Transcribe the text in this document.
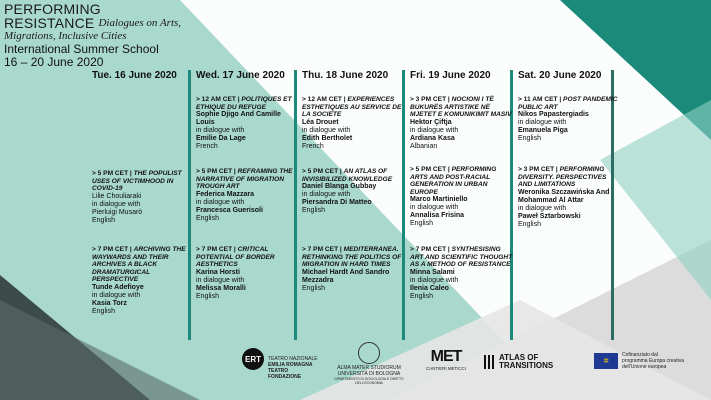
PERFORMING
RESISTANCE Dialogues on Arts,
Migrations, Inclusive Cities
International Summer School
16 – 20 June 2020
Tue. 16 June 2020
> 5 PM CET | THE POPULIST USES OF VICTIMHOOD IN COVID-19
Lilie Chouliaraki
in dialogue with
Pierluigi Musarò
English
> 7 PM CET | ARCHIVING THE WAYWARDS AND THEIR ARCHIVES A BLACK DRAMATURGICAL PERSPECTIVE
Tunde Adefioye
in dialogue with
Kasia Torz
English
Wed. 17 June 2020
> 12 AM CET | POLITIQUES ET ETHIQUE DU REFUGE
Sophie Djigo And Camille Louis
in dialogue with
Emilie Da Lage
French
> 5 PM CET | REFRAMING THE NARRATIVE OF MIGRATION TROUGH ART
Federica Mazzara
in dialogue with
Francesca Guerisoli
English
> 7 PM CET | CRITICAL POTENTIAL OF BORDER AESTHETICS
Karina Horsti
in dialogue with
Melissa Moralli
English
Thu. 18 June 2020
> 12 AM CET | EXPERIENCES ESTHETIQUES AU SERVICE DE LA SOCIETE
Léa Drouet
in dialogue with
Edith Bertholet
French
> 5 PM CET | AN ATLAS OF INVISIBILIZED KNOWLEDGE
Daniel Blanga Gubbay
in dialogue with
Piersandra Di Matteo
English
> 7 PM CET | MEDITERRANEA. RETHINKING THE POLITICS OF MIGRATION IN HARD TIMES
Michael Hardt And Sandro Mezzadra
English
Fri. 19 June 2020
> 3 PM CET | NOCIONI I TË BUKURËS ARTISTIKE NË MJETET E KOMUNIKIMIT MASIV
Hektor Çiftja
in dialogue with
Ardiana Kasa
Albanian
> 5 PM CET | PERFORMING ARTS AND POST-RACIAL GENERATION IN URBAN EUROPE
Marco Martiniello
in dialogue with
Annalisa Frisina
English
> 7 PM CET | SYNTHESISING ART AND SCIENTIFIC THOUGHT AS A METHOD OF RESISTANCE
Minna Salami
in dialogue with
Ilenia Caleo
English
Sat. 20 June 2020
> 11 AM CET | POST PANDEMIC PUBLIC ART
Nikos Papastergiadis
in dialogue with
Emanuela Piga
English
> 3 PM CET | PERFORMING DIVERSITY. PERSPECTIVES AND LIMITATIONS
Weronika Szczawińska And Mohammad Al Attar
in dialogue with
Paweł Sztarbowski
English
ERT	TEATRO NAZIONALE
EMILIA ROMAGNA
TEATRO FONDAZIONE
ALMA MATER STUDIORUM
UNIVERSITÀ DI BOLOGNA
DIPARTIMENTO DI SOCIOLOGIA E DIRITTO DELL'ECONOMIA
MET
CANTIERI METICCI
ATLAS OF
TRANSITIONS	✲
Cofinanziato dal
programma Europa creativa
dell'Unione europea
